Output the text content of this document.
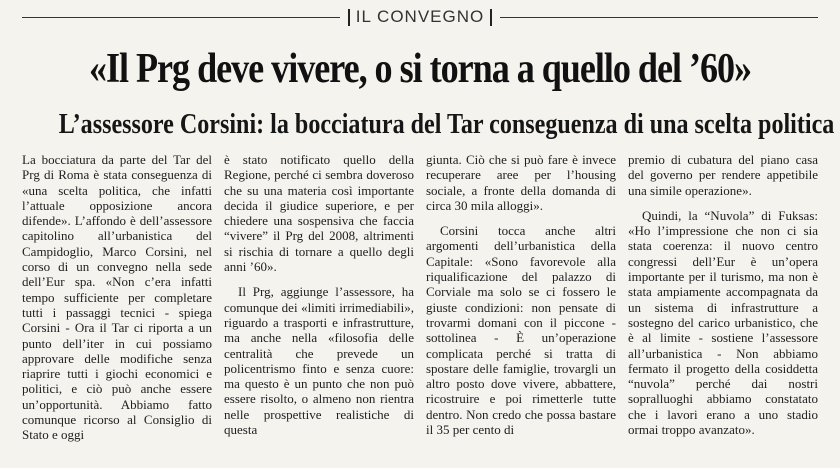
IL CONVEGNO
«Il Prg deve vivere, o si torna a quello del ’60»
L’assessore Corsini: la bocciatura del Tar conseguenza di una scelta politica

La bocciatura da parte del Tar del Prg di Roma è stata conseguenza di «una scelta politica, che infatti l’attuale opposizione ancora difende». L’affondo è dell’assessore capitolino all’urbanistica del Campidoglio, Marco Corsini, nel corso di un convegno nella sede dell’Eur spa. «Non c’era infatti tempo sufficiente per completare tutti i passaggi tecnici - spiega Corsini - Ora il Tar ci riporta a un punto dell’iter in cui possiamo approvare delle modifiche senza riaprire tutti i giochi economici e politici, e ciò può anche essere un’opportunità. Abbiamo fatto comunque ricorso al Consiglio di Stato e oggi

è stato notificato quello della Regione, perché ci sembra doveroso che su una materia così importante decida il giudice superiore, e per chiedere una sospensiva che faccia “vivere” il Prg del 2008, altrimenti si rischia di tornare a quello degli anni ’60».

Il Prg, aggiunge l’assessore, ha comunque dei «limiti irrimediabili», riguardo a trasporti e infrastrutture, ma anche nella «filosofia delle centralità che prevede un policentrismo finto e senza cuore: ma questo è un punto che non può essere risolto, o almeno non rientra nelle prospettive realistiche di questa

giunta. Ciò che si può fare è invece recuperare aree per l’housing sociale, a fronte della domanda di circa 30 mila alloggi».

Corsini tocca anche altri argomenti dell’urbanistica della Capitale: «Sono favorevole alla riqualificazione del palazzo di Corviale ma solo se ci fossero le giuste condizioni: non pensate di trovarmi domani con il piccone - sottolinea - È un’operazione complicata perché si tratta di spostare delle famiglie, trovargli un altro posto dove vivere, abbattere, ricostruire e poi rimetterle tutte dentro. Non credo che possa bastare il 35 per cento di

premio di cubatura del piano casa del governo per rendere appetibile una simile operazione».

Quindi, la “Nuvola” di Fuksas: «Ho l’impressione che non ci sia stata coerenza: il nuovo centro congressi dell’Eur è un’opera importante per il turismo, ma non è stata ampiamente accompagnata da un sistema di infrastrutture a sostegno del carico urbanistico, che è al limite - sostiene l’assessore all’urbanistica - Non abbiamo fermato il progetto della cosiddetta “nuvola” perché dai nostri sopralluoghi abbiamo constatato che i lavori erano a uno stadio ormai troppo avanzato».
